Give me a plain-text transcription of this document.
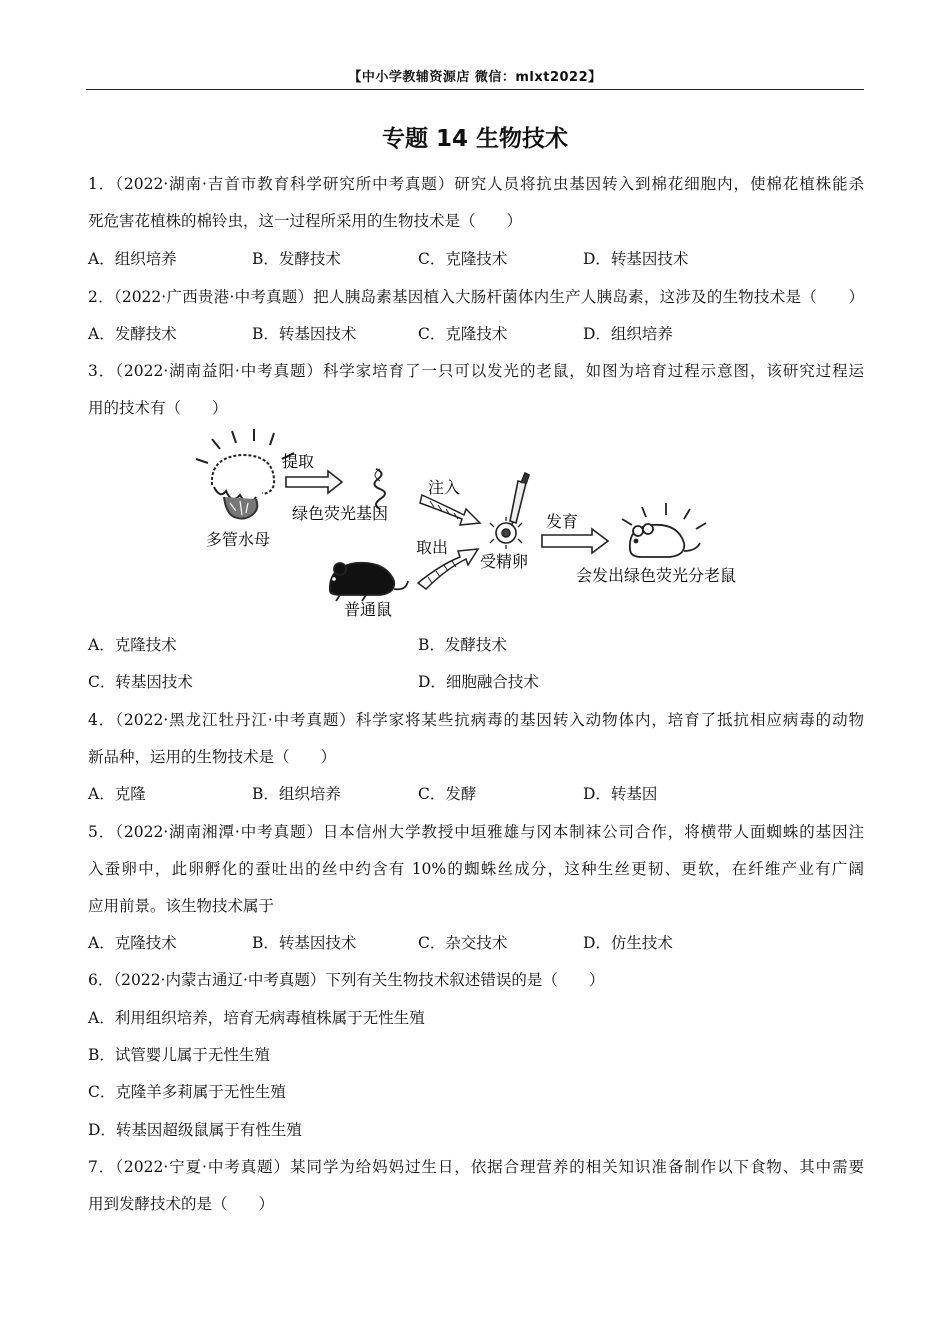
【中小学教辅资源店 微信：mlxt2022】
专题 14 生物技术
1．（2022·湖南·吉首市教育科学研究所中考真题）研究人员将抗虫基因转入到棉花细胞内，使棉花植株能杀
死危害花植株的棉铃虫，这一过程所采用的生物技术是（　　）
A．组织培养	B．发酵技术	C．克隆技术	D．转基因技术
2．（2022·广西贵港·中考真题）把人胰岛素基因植入大肠杆菌体内生产人胰岛素，这涉及的生物技术是（　　）
A．发酵技术	B．转基因技术	C．克隆技术	D．组织培养
3．（2022·湖南益阳·中考真题）科学家培育了一只可以发光的老鼠，如图为培育过程示意图，该研究过程运
用的技术有（　　）
多管水母
提取
绿色荧光基因
注入
受精卵
发育
会发出绿色荧光分老鼠
取出
普通鼠
A．克隆技术	B．发酵技术
C．转基因技术	D．细胞融合技术
4．（2022·黑龙江牡丹江·中考真题）科学家将某些抗病毒的基因转入动物体内，培育了抵抗相应病毒的动物
新品种，运用的生物技术是（　　）
A．克隆	B．组织培养	C．发酵	D．转基因
5．（2022·湖南湘潭·中考真题）日本信州大学教授中垣雅雄与冈本制袜公司合作，将横带人面蜘蛛的基因注
入蚕卵中，此卵孵化的蚕吐出的丝中约含有 10%的蜘蛛丝成分，这种生丝更韧、更软，在纤维产业有广阔
应用前景。该生物技术属于
A．克隆技术	B．转基因技术	C．杂交技术	D．仿生技术
6．（2022·内蒙古通辽·中考真题）下列有关生物技术叙述错误的是（　　）
A．利用组织培养，培育无病毒植株属于无性生殖
B．试管婴儿属于无性生殖
C．克隆羊多莉属于无性生殖
D．转基因超级鼠属于有性生殖
7．（2022·宁夏·中考真题）某同学为给妈妈过生日，依据合理营养的相关知识准备制作以下食物、其中需要
用到发酵技术的是（　　）
